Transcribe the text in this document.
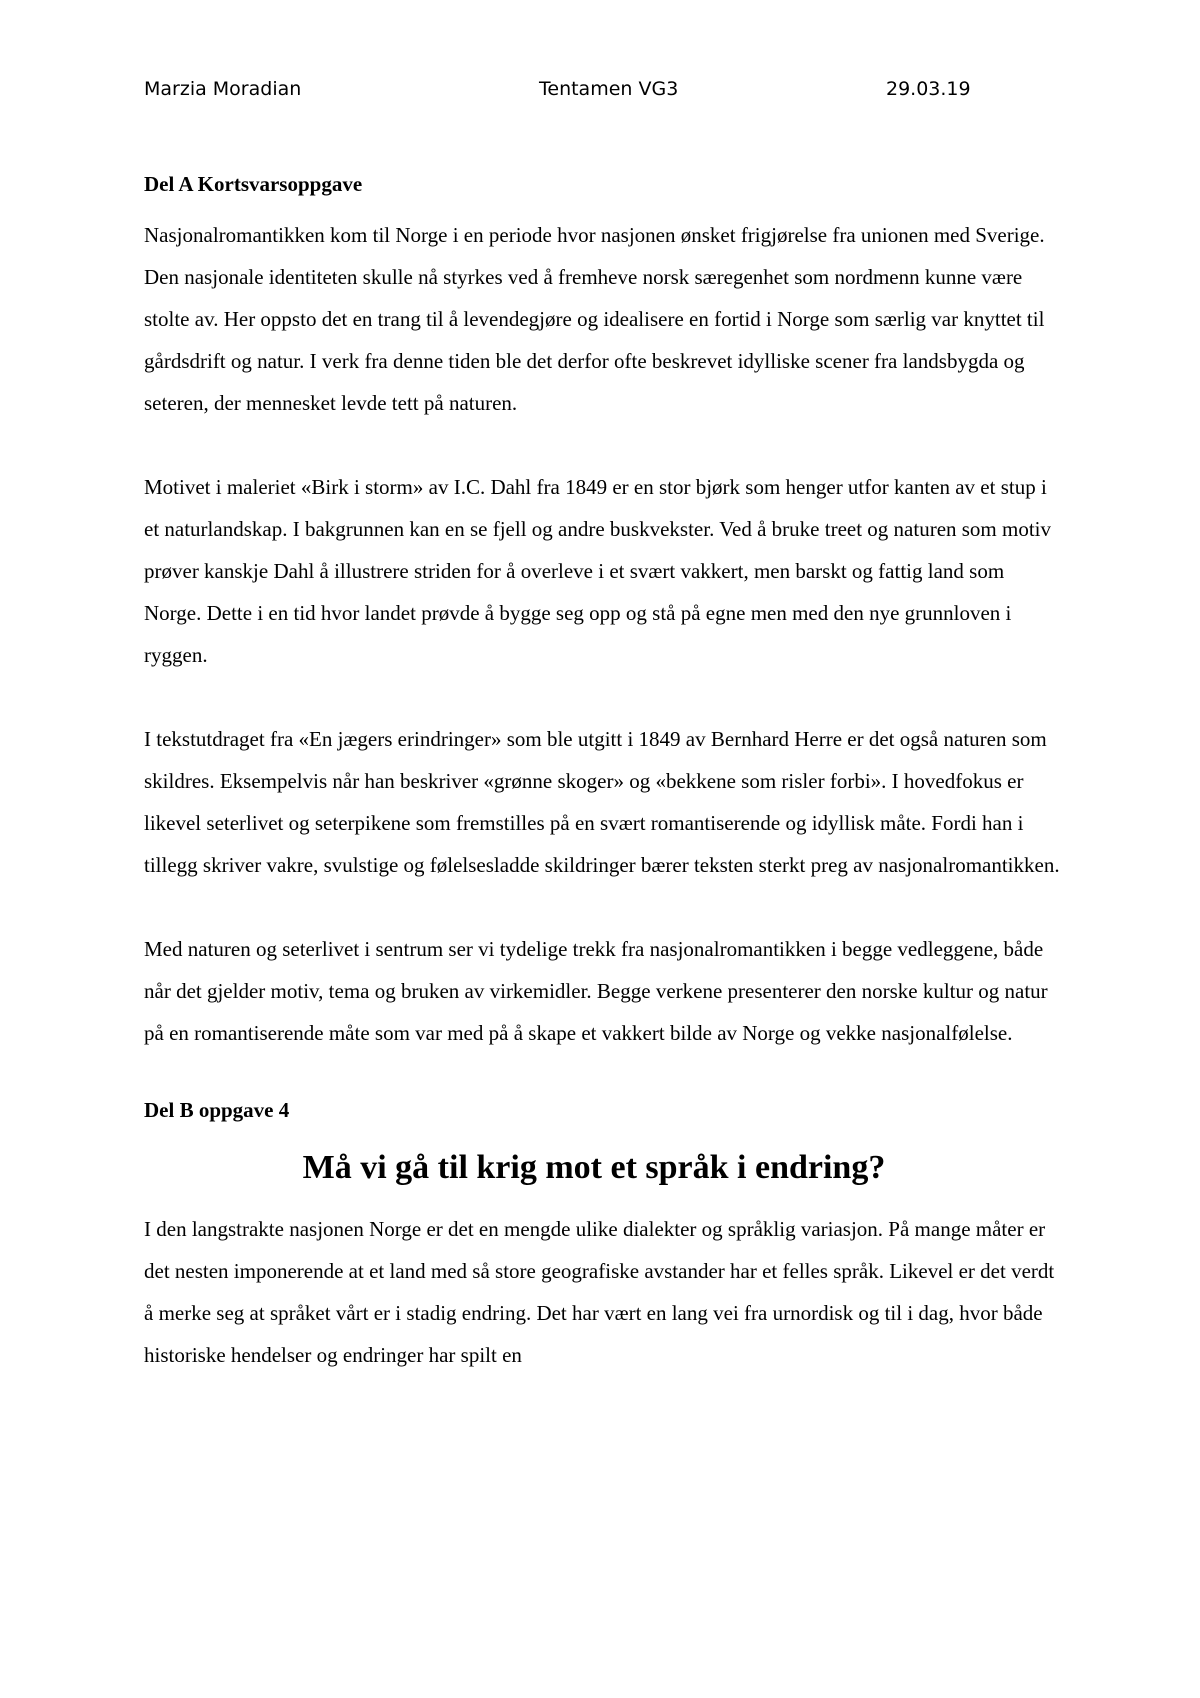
Marzia Moradian	Tentamen VG3	29.03.19
Del A Kortsvarsoppgave

Nasjonalromantikken kom til Norge i en periode hvor nasjonen ønsket frigjørelse fra unionen med Sverige. Den nasjonale identiteten skulle nå styrkes ved å fremheve norsk særegenhet som nordmenn kunne være stolte av. Her oppsto det en trang til å levendegjøre og idealisere en fortid i Norge som særlig var knyttet til gårdsdrift og natur. I verk fra denne tiden ble det derfor ofte beskrevet idylliske scener fra landsbygda og seteren, der mennesket levde tett på naturen.

Motivet i maleriet «Birk i storm» av I.C. Dahl fra 1849 er en stor bjørk som henger utfor kanten av et stup i et naturlandskap. I bakgrunnen kan en se fjell og andre buskvekster. Ved å bruke treet og naturen som motiv prøver kanskje Dahl å illustrere striden for å overleve i et svært vakkert, men barskt og fattig land som Norge. Dette i en tid hvor landet prøvde å bygge seg opp og stå på egne men med den nye grunnloven i ryggen.

I tekstutdraget fra «En jægers erindringer» som ble utgitt i 1849 av Bernhard Herre er det også naturen som skildres. Eksempelvis når han beskriver «grønne skoger» og «bekkene som risler forbi». I hovedfokus er likevel seterlivet og seterpikene som fremstilles på en svært romantiserende og idyllisk måte. Fordi han i tillegg skriver vakre, svulstige og følelsesladde skildringer bærer teksten sterkt preg av nasjonalromantikken.

Med naturen og seterlivet i sentrum ser vi tydelige trekk fra nasjonalromantikken i begge vedleggene, både når det gjelder motiv, tema og bruken av virkemidler. Begge verkene presenterer den norske kultur og natur på en romantiserende måte som var med på å skape et vakkert bilde av Norge og vekke nasjonalfølelse.

Del B oppgave 4
Må vi gå til krig mot et språk i endring?

I den langstrakte nasjonen Norge er det en mengde ulike dialekter og språklig variasjon. På mange måter er det nesten imponerende at et land med så store geografiske avstander har et felles språk. Likevel er det verdt å merke seg at språket vårt er i stadig endring. Det har vært en lang vei fra urnordisk og til i dag, hvor både historiske hendelser og endringer har spilt en
